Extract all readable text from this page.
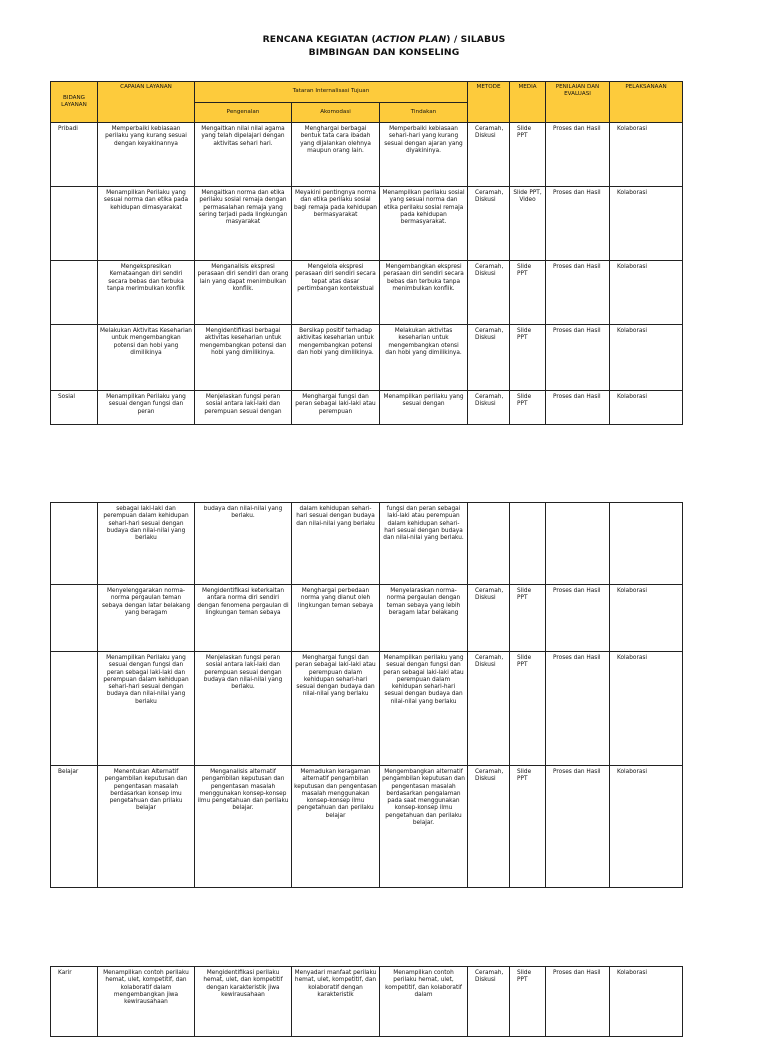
RENCANA KEGIATAN (ACTION PLAN) / SILABUS
BIMBINGAN DAN KONSELING
BIDANG LAYANAN	CAPAIAN LAYANAN	Tataran Internalisasi Tujuan			METODE	MEDIA	PENILAIAN DAN EVALUASI	PELAKSANAAN
		Pengenalan	Akomodasi	Tindakan				
Pribadi	Memperbaiki kebiasaan perilaku yang kurang sesuai dengan keyakinannya	Mengaitkan nilai nilai agama yang telah dipelajari dengan aktivitas sehari hari.	Menghargai berbagai bentuk tata cara ibadah yang dijalankan olehnya maupun orang lain.	Memperbaiki kebiasaan sehari-hari yang kurang sesuai dengan ajaran yang diyakininya.	Ceramah, Diskusi	Slide PPT	Proses dan Hasil	Kolaborasi
	Menampilkan Perilaku yang sesuai norma dan etika pada kehidupan dimasyarakat	Mengaitkan norma dan etika perilaku sosial remaja dengan permasalahan remaja yang sering terjadi pada lingkungan masyarakat	Meyakini pentingnya norma dan etika perilaku sosial bagi remaja pada kehidupan bermasyarakat	Menampilkan perilaku sosial yang sesuai norma dan etika perilaku sosial remaja pada kehidupan bermasyarakat.	Ceramah, Diskusi	Slide PPT, Video	Proses dan Hasil	Kolaborasi
	Mengekspresikan Kemataangan diri sendiri secara bebas dan terbuka tanpa merimbulkan konflik	Menganalisis ekspresi perasaan diri sendiri dan orang lain yang dapat menimbulkan konflik.	Mengelola ekspresi perasaan diri sendiri secara tepat atas dasar pertimbangan kontekstual	Mengembangkan ekspresi perasaan diri sendiri secara bebas dan terbuka tanpa menimbulkan konflik.	Ceramah, Diskusi	Slide PPT	Proses dan Hasil	Kolaborasi
	Melakukan Aktivitas Keseharian untuk mengembangkan potensi dan hobi yang dimilikinya	Mengidentifikasi berbagai aktivitas keseharian untuk mengembangkan potensi dan hobi yang dimilikinya.	Bersikap positif terhadap aktivitas keseharian untuk mengembangkan potensi dan hobi yang dimilikinya.	Melakukan aktivitas keseharian untuk mengembangkan otensi dan hobi yang dimilikinya.	Ceramah, Diskusi	Slide PPT	Proses dan Hasil	Kolaborasi
Sosial	Menampilkan Perilaku yang sesuai dengan fungsi dan peran	Menjelaskan fungsi peran sosial antara laki-laki dan perempuan sesuai dengan	Menghargai fungsi dan peran sebagai laki-laki atau perempuan	Menampilkan perilaku yang sesuai dengan	Ceramah, Diskusi	Slide PPT	Proses dan Hasil	Kolaborasi
	sebagai laki-laki dan perempuan dalam kehidupan sehari-hari sesuai dengan budaya dan nilai-nilai yang berlaku	budaya dan nilai-nilai yang berlaku.	dalam kehidupan sehari-hari sesuai dengan budaya dan nilai-nilai yang berlaku	fungsi dan peran sebagai laki-laki atau perempuan dalam kehidupan sehari-hari sesuai dengan budaya dan nilai-nilai yang berlaku.				
	Menyelenggarakan norma-norma pergaulan teman sebaya dengan latar belakang yang beragam	Mengidentifikasi keterkaitan antara norma diri sendiri dengan fenomena pergaulan di lingkungan teman sebaya	Menghargai perbedaan norma yang dianut oleh lingkungan teman sebaya	Menyelaraskan norma-norma pergaulan dengan teman sebaya yang lebih beragam latar belakang	Ceramah, Diskusi	Slide PPT	Proses dan Hasil	Kolaborasi
	Menampilkan Perilaku yang sesuai dengan fungsi dan peran sebagai laki-laki dan perempuan dalam kehidupan sehari-hari sesuai dengan budaya dan nilai-nilai yang berlaku	Menjelaskan fungsi peran sosial antara laki-laki dan perempuan sesuai dengan budaya dan nilai-nilai yang berlaku.	Menghargai fungsi dan peran sebagai laki-laki atau perempuan dalam kehidupan sehari-hari sesuai dengan budaya dan nilai-nilai yang berlaku	Menampilkan perilaku yang sesuai dengan fungsi dan peran sebagai laki-laki atau perempuan dalam kehidupan sehari-hari sesuai dengan budaya dan nilai-nilai yang berlaku	Ceramah, Diskusi	Slide PPT	Proses dan Hasil	Kolaborasi
Belajar	Menentukan Alternatif pengambilan keputusan dan pengentasan masalah berdasarkan konsep imu pengetahuan dan prilaku belajar	Menganalisis alternatif pengambilan keputusan dan pengentasan masalah menggunakan konsep-konsep ilmu pengetahuan dan perilaku belajar.	Memadukan keragaman alternatif pengambilan keputusan dan pengentasan masalah menggunakan konsep-konsep ilmu pengetahuan dan perilaku belajar	Mengembangkan alternatif pengambilan keputusan dan pengentasan masalah berdasarkan pengalaman pada saat menggunakan konsep-konsep ilmu pengetahuan dan perilaku belajar.	Ceramah, Diskusi	Slide PPT	Proses dan Hasil	Kolaborasi
Karir	Menampilkan contoh perilaku hemat, ulet, kompetitif, dan kolaboratif dalam mengembangkan jiwa kewirausahaan	Mengidentifikasi perilaku hemat, ulet, dan kompetitif dengan karakteristik jiwa kewirausahaan	Menyadari manfaat perilaku hemat, ulet, kompetitif, dan kolaboratif dengan karakteristik	Menampilkan contoh perilaku hemat, ulet, kompetitif, dan kolaboratif dalam	Ceramah, Diskusi	Slide PPT	Proses dan Hasil	Kolaborasi
